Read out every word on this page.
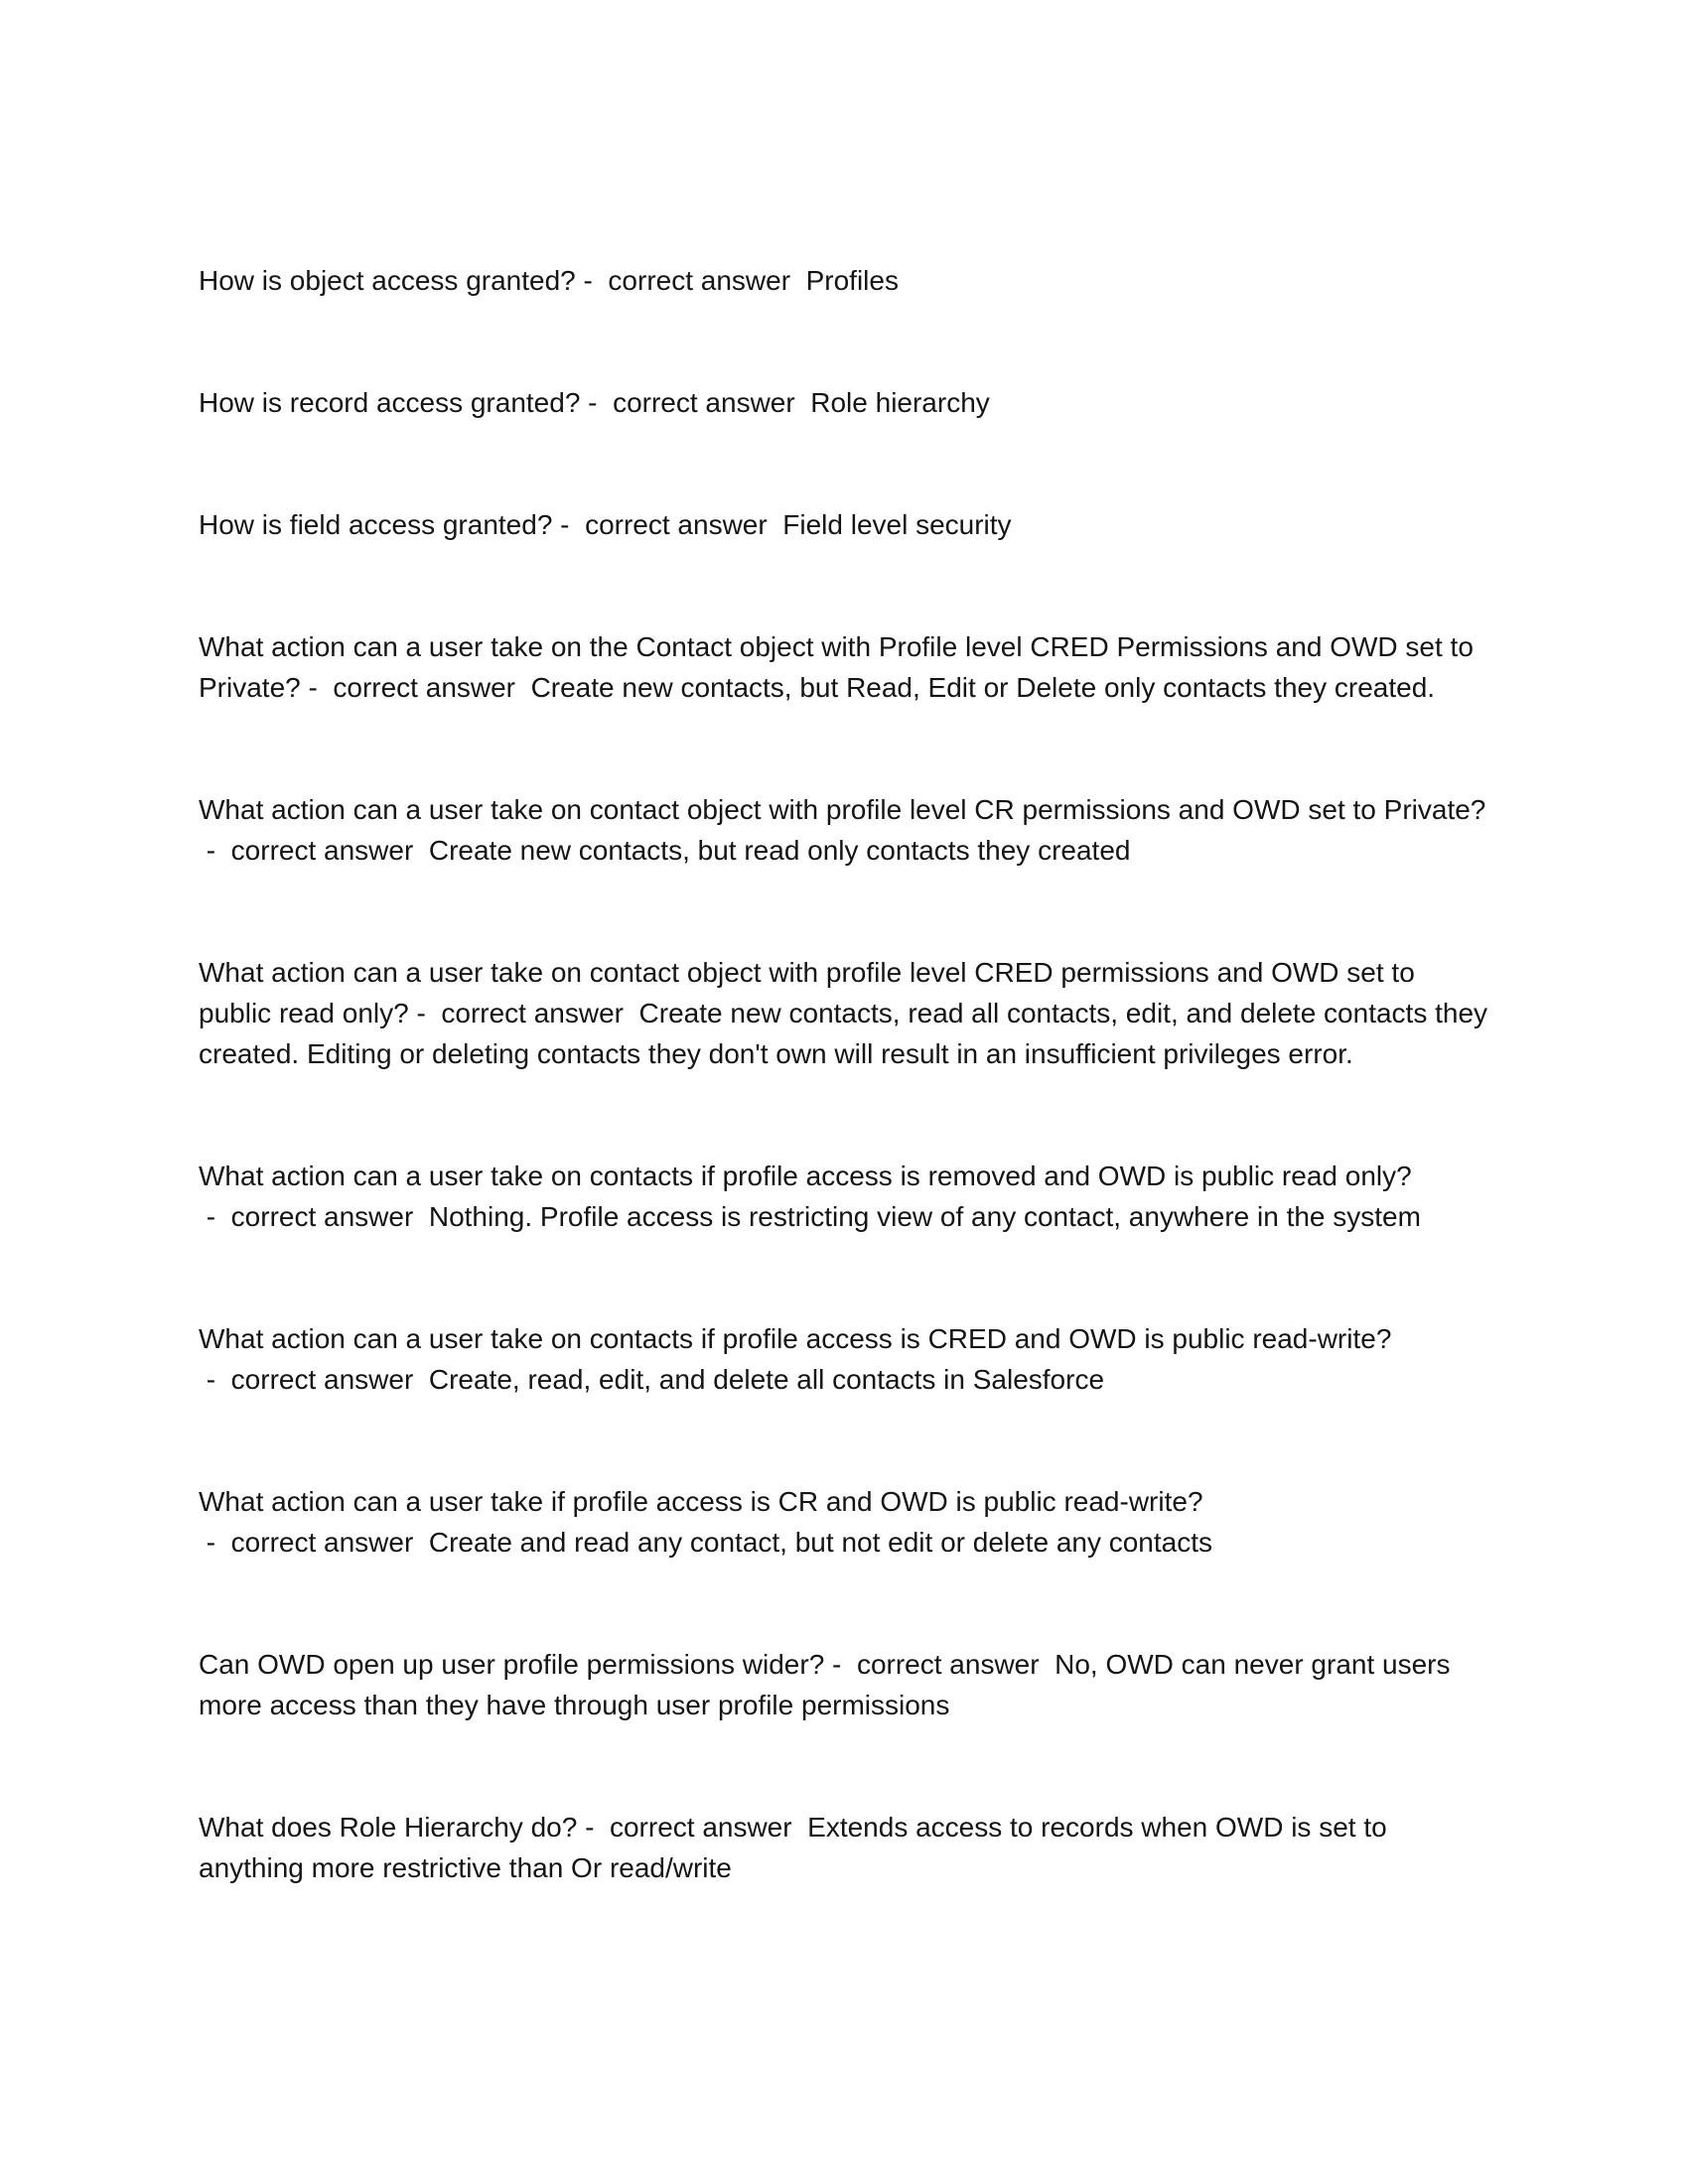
How is object access granted? -  correct answer  Profiles
How is record access granted? -  correct answer  Role hierarchy
How is field access granted? -  correct answer  Field level security
What action can a user take on the Contact object with Profile level CRED Permissions and OWD set to Private? -  correct answer  Create new contacts, but Read, Edit or Delete only contacts they created.
What action can a user take on contact object with profile level CR permissions and OWD set to Private? -  correct answer  Create new contacts, but read only contacts they created
What action can a user take on contact object with profile level CRED permissions and OWD set to public read only? -  correct answer  Create new contacts, read all contacts, edit, and delete contacts they created. Editing or deleting contacts they don't own will result in an insufficient privileges error.
What action can a user take on contacts if profile access is removed and OWD is public read only? -  correct answer  Nothing. Profile access is restricting view of any contact, anywhere in the system
What action can a user take on contacts if profile access is CRED and OWD is public read-write? -  correct answer  Create, read, edit, and delete all contacts in Salesforce
What action can a user take if profile access is CR and OWD is public read-write? -  correct answer  Create and read any contact, but not edit or delete any contacts
Can OWD open up user profile permissions wider? -  correct answer  No, OWD can never grant users more access than they have through user profile permissions
What does Role Hierarchy do? -  correct answer  Extends access to records when OWD is set to anything more restrictive than Or read/write
